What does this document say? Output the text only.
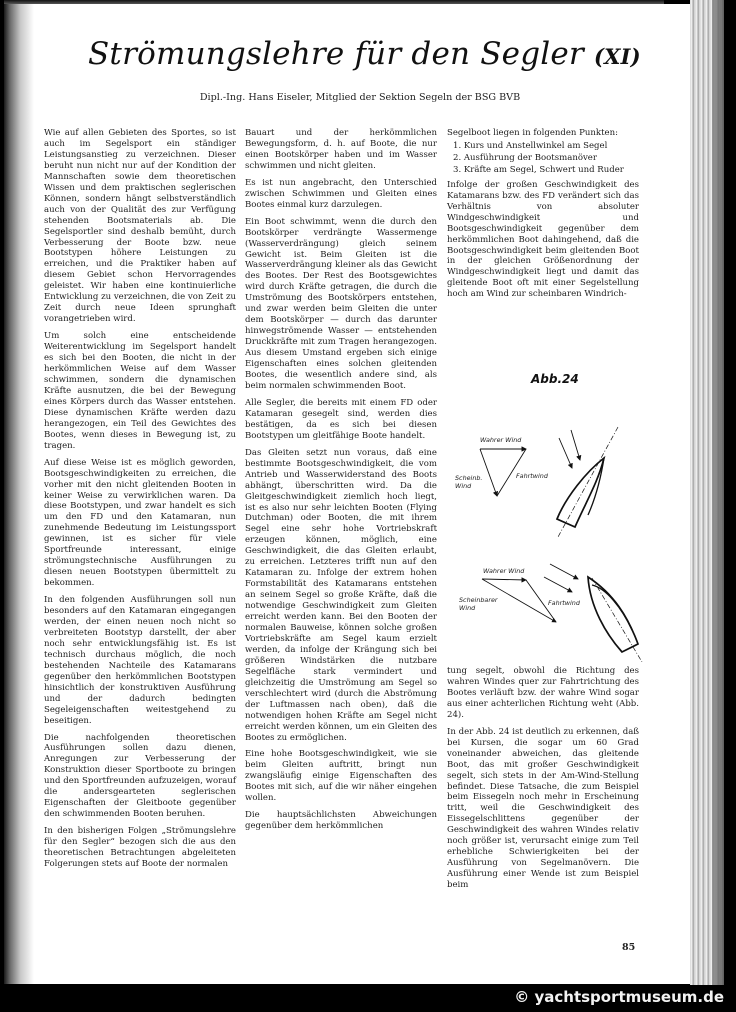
Strömungslehre für den Segler (XI)
Dipl.-Ing. Hans Eiseler, Mitglied der Sektion Segeln der BSG BVB

Wie auf allen Gebieten des Sportes, so ist auch im Segelsport ein ständiger Leistungsanstieg zu verzeichnen. Dieser beruht nun nicht nur auf der Kondition der Mannschaften sowie dem theoretischen Wissen und dem praktischen seglerischen Können, sondern hängt selbstverständlich auch von der Qualität des zur Verfügung stehenden Bootsmaterials ab. Die Segelsportler sind deshalb bemüht, durch Verbesserung der Boote bzw. neue Bootstypen höhere Leistungen zu erreichen, und die Praktiker haben auf diesem Gebiet schon Hervorragendes geleistet. Wir haben eine kontinuierliche Entwicklung zu verzeichnen, die von Zeit zu Zeit durch neue Ideen sprunghaft vorangetrieben wird.

Um solch eine entscheidende Weiterentwicklung im Segelsport handelt es sich bei den Booten, die nicht in der herkömmlichen Weise auf dem Wasser schwimmen, sondern die dynamischen Kräfte ausnutzen, die bei der Bewegung eines Körpers durch das Wasser entstehen. Diese dynamischen Kräfte werden dazu herangezogen, ein Teil des Gewichtes des Bootes, wenn dieses in Bewegung ist, zu tragen.

Auf diese Weise ist es möglich geworden, Bootsgeschwindigkeiten zu erreichen, die vorher mit den nicht gleitenden Booten in keiner Weise zu verwirklichen waren. Da diese Bootstypen, und zwar handelt es sich um den FD und den Katamaran, nun zunehmende Bedeutung im Leistungssport gewinnen, ist es sicher für viele Sportfreunde interessant, einige strömungstechnische Ausführungen zu diesen neuen Bootstypen übermittelt zu bekommen.

In den folgenden Ausführungen soll nun besonders auf den Katamaran eingegangen werden, der einen neuen noch nicht so verbreiteten Bootstyp darstellt, der aber noch sehr entwicklungsfähig ist. Es ist technisch durchaus möglich, die noch bestehenden Nachteile des Katamarans gegenüber den herkömmlichen Bootstypen hinsichtlich der konstruktiven Ausführung und der dadurch bedingten Segeleigenschaften weitestgehend zu beseitigen.

Die nachfolgenden theoretischen Ausführungen sollen dazu dienen, Anregungen zur Verbesserung der Konstruktion dieser Sportboote zu bringen und den Sportfreunden aufzuzeigen, worauf die andersgearteten seglerischen Eigenschaften der Gleitboote gegenüber den schwimmenden Booten beruhen.

In den bisherigen Folgen „Strömungslehre für den Segler“ bezogen sich die aus den theoretischen Betrachtungen abgeleiteten Folgerungen stets auf Boote der normalen

Bauart und der herkömmlichen Bewegungsform, d. h. auf Boote, die nur einen Bootskörper haben und im Wasser schwimmen und nicht gleiten.

Es ist nun angebracht, den Unterschied zwischen Schwimmen und Gleiten eines Bootes einmal kurz darzulegen.

Ein Boot schwimmt, wenn die durch den Bootskörper verdrängte Wassermenge (Wasserverdrängung) gleich seinem Gewicht ist. Beim Gleiten ist die Wasserverdrängung kleiner als das Gewicht des Bootes. Der Rest des Bootsgewichtes wird durch Kräfte getragen, die durch die Umströmung des Bootskörpers entstehen, und zwar werden beim Gleiten die unter dem Bootskörper — durch das darunter hinwegströmende Wasser — entstehenden Druckkräfte mit zum Tragen herangezogen. Aus diesem Umstand ergeben sich einige Eigenschaften eines solchen gleitenden Bootes, die wesentlich andere sind, als beim normalen schwimmenden Boot.

Alle Segler, die bereits mit einem FD oder Katamaran gesegelt sind, werden dies bestätigen, da es sich bei diesen Bootstypen um gleitfähige Boote handelt.

Das Gleiten setzt nun voraus, daß eine bestimmte Bootsgeschwindigkeit, die vom Antrieb und Wasserwiderstand des Boots abhängt, überschritten wird. Da die Gleitgeschwindigkeit ziemlich hoch liegt, ist es also nur sehr leichten Booten (Flying Dutchman) oder Booten, die mit ihrem Segel eine sehr hohe Vortriebskraft erzeugen können, möglich, eine Geschwindigkeit, die das Gleiten erlaubt, zu erreichen. Letzteres trifft nun auf den Katamaran zu. Infolge der extrem hohen Formstabilität des Katamarans entstehen an seinem Segel so große Kräfte, daß die notwendige Geschwindigkeit zum Gleiten erreicht werden kann. Bei den Booten der normalen Bauweise, können solche großen Vortriebskräfte am Segel kaum erzielt werden, da infolge der Krängung sich bei größeren Windstärken die nutzbare Segelfläche stark vermindert und gleichzeitig die Umströmung am Segel so verschlechtert wird (durch die Abströmung der Luftmassen nach oben), daß die notwendigen hohen Kräfte am Segel nicht erreicht werden können, um ein Gleiten des Bootes zu ermöglichen.

Eine hohe Bootsgeschwindigkeit, wie sie beim Gleiten auftritt, bringt nun zwangsläufig einige Eigenschaften des Bootes mit sich, auf die wir näher eingehen wollen.

Die hauptsächlichsten Abweichungen gegenüber dem herkömmlichen

Segelboot liegen in folgenden Punkten:

1. Kurs und Anstellwinkel am Segel
2. Ausführung der Bootsmanöver
3. Kräfte am Segel, Schwert und Ruder

Infolge der großen Geschwindigkeit des Katamarans bzw. des FD verändert sich das Verhältnis von absoluter Windgeschwindigkeit und Bootsgeschwindigkeit gegenüber dem herkömmlichen Boot dahingehend, daß die Bootsgeschwindigkeit beim gleitenden Boot in der gleichen Größenordnung der Windgeschwindigkeit liegt und damit das gleitende Boot oft mit einer Segelstellung hoch am Wind zur scheinbaren Windrich-

Abb.24
Wahrer Wind
Fahrtwind
Scheinb. Wind
Wahrer Wind
Fahrtwind
Scheinbarer Wind

tung segelt, obwohl die Richtung des wahren Windes quer zur Fahrtrichtung des Bootes verläuft bzw. der wahre Wind sogar aus einer achterlichen Richtung weht (Abb. 24).

In der Abb. 24 ist deutlich zu erkennen, daß bei Kursen, die sogar um 60 Grad voneinander abweichen, das gleitende Boot, das mit großer Geschwindigkeit segelt, sich stets in der Am-Wind-Stellung befindet. Diese Tatsache, die zum Beispiel beim Eissegeln noch mehr in Erscheinung tritt, weil die Geschwindigkeit des Eissegelschlittens gegenüber der Geschwindigkeit des wahren Windes relativ noch größer ist, verursacht einige zum Teil erhebliche Schwierigkeiten bei der Ausführung von Segelmanövern. Die Ausführung einer Wende ist zum Beispiel beim

85
© yachtsportmuseum.de
